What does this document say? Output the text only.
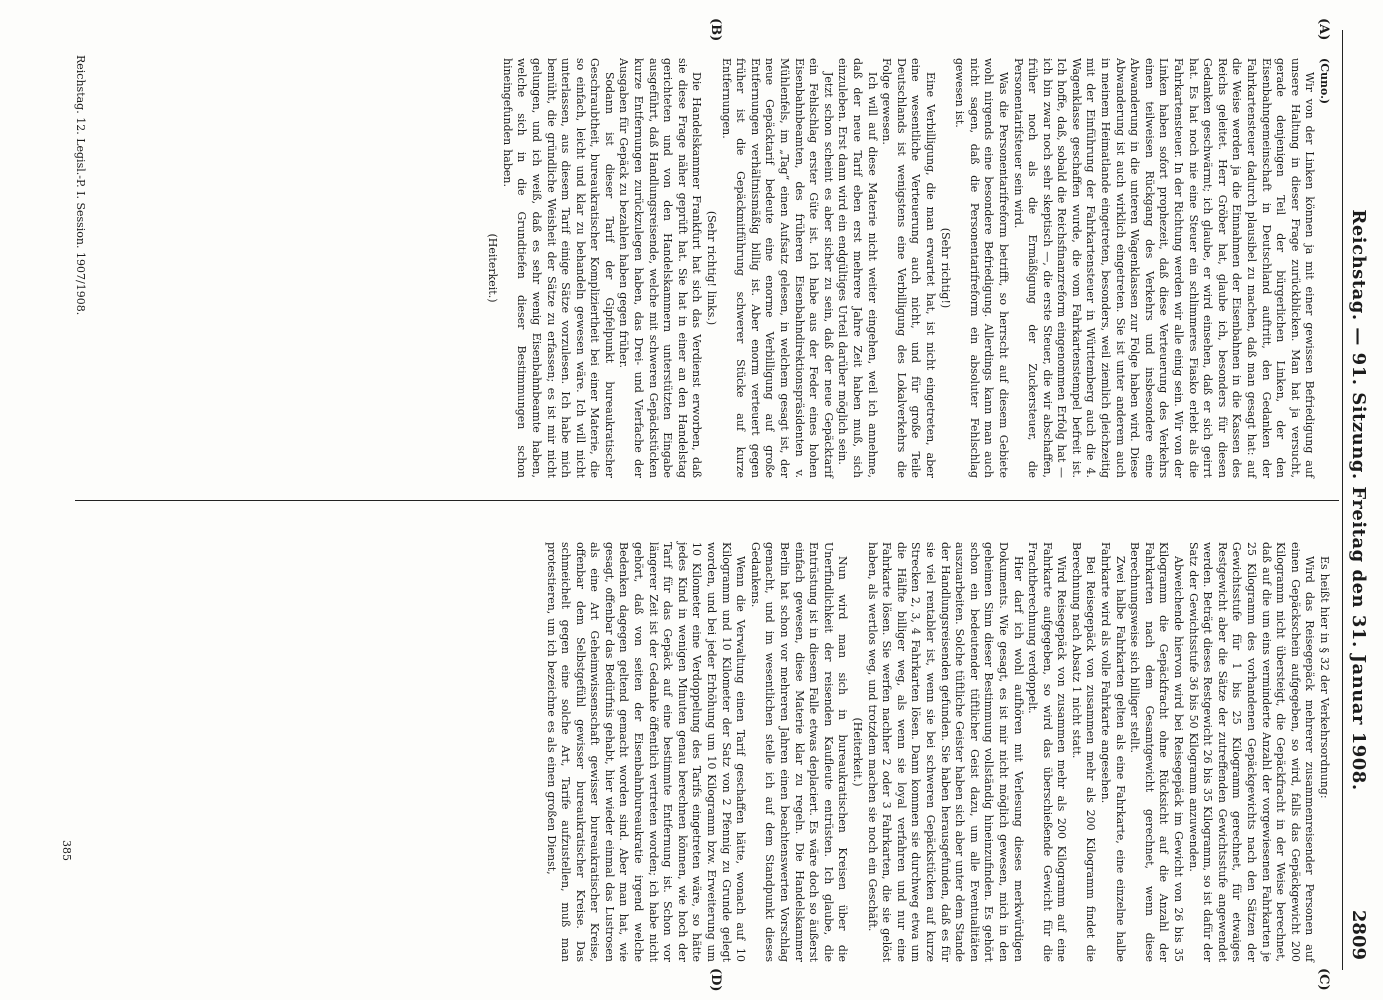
Reichstag. — 91. Sitzung. Freitag den 31. Januar 1908.
2809
(A)
(B)
(C)
(D)

(Cuno.)

Wir von der Linken können ja mit einer gewissen Befriedigung auf unsere Haltung in dieser Frage zurückblicken. Man hat ja versucht, gerade denjenigen Teil der bürgerlichen Linken, der den Eisenbahngemeinschaft in Deutschland auftritt, den Gedanken der Fahrkartensteuer dadurch plausibel zu machen, daß man gesagt hat: auf die Weise werden ja die Einnahmen der Eisenbahnen in die Kassen des Reichs geleitet. Herr Gröber hat, glaube ich, besonders für diesen Gedanken geschwärmt; ich glaube, er wird einsehen, daß er sich geirrt hat. Es hat noch nie eine Steuer ein schlimmeres Fiasko erlebt als die Fahrkartensteuer. In der Richtung werden wir alle einig sein. Wir von der Linken haben sofort prophezeit, daß diese Verteuerung des Verkehrs einen teilweisen Rückgang des Verkehrs und insbesondere eine Abwanderung in die unteren Wagenklassen zur Folge haben wird. Diese Abwanderung ist auch wirklich eingetreten. Sie ist unter anderem auch in meinem Heimatlande eingetreten, besonders, weil ziemlich gleichzeitig mit der Einführung der Fahrkartensteuer in Württemberg auch die 4. Wagenklasse geschaffen wurde, die vom Fahrkartenstempel befreit ist. Ich hoffe, daß, sobald die Reichsfinanzreform eingenommen Erfolg hat — ich bin zwar noch sehr skeptisch —, die erste Steuer, die wir abschaffen, früher noch als die Ermäßigung der Zuckersteuer, die Personentarifsteuer sein wird.

Was die Personentarifreform betrifft, so herrscht auf diesem Gebiete wohl nirgends eine besondere Befriedigung. Allerdings kann man auch nicht sagen, daß die Personentarifreform ein absoluter Fehlschlag gewesen ist.

(Sehr richtig!)

Eine Verbilligung, die man erwartet hat, ist nicht eingetreten, aber eine wesentliche Verteuerung auch nicht, und für große Teile Deutschlands ist wenigstens eine Verbilligung des Lokalverkehrs die Folge gewesen.

Ich will auf diese Materie nicht weiter eingehen, weil ich annehme, daß der neue Tarif eben erst mehrere Jahre Zeit haben muß, sich einzuleben. Erst dann wird ein endgültiges Urteil darüber möglich sein.

Jetzt schon scheint es aber sicher zu sein, daß der neue Gepäcktarif ein Fehlschlag erster Güte ist. Ich habe aus der Feder eines hohen Eisenbahnbeamten, des früheren Eisenbahndirektionspräsidenten v. Mühlenfels, im „Tag“ einen Aufsatz gelesen, in welchem gesagt ist, der neue Gepäcktarif bedeute eine enorme Verbilligung auf große Entfernungen verhältnismäßig billig ist. Aber enorm verteuert gegen früher ist die Gepäckmitführung schwerer Stücke auf kurze Entfernungen.

(Sehr richtig! links.)

Die Handelskammer Frankfurt hat sich das Verdienst erworben, daß sie diese Frage näher geprüft hat. Sie hat in einer an den Handelstag gerichteten und von den Handelskammern unterstützten Eingabe ausgeführt, daß Handlungsreisende, welche mit schweren Gepäckstücken kurze Entfernungen zurückzulegen haben, das Drei- und Vierfache der Ausgaben für Gepäck zu bezahlen haben gegen früher.

Sodann ist dieser Tarif der Gipfelpunkt bureaukratischer Geschraubtheit, bureaukratischer Kompliziertheit bei einer Materie, die so einfach, leicht und klar zu behandeln gewesen wäre. Ich will nicht unterlassen, aus diesem Tarif einige Sätze vorzulesen. Ich habe mich bemüht, die gründliche Weisheit der Sätze zu erfassen; es ist mir nicht gelungen, und ich weiß, daß es sehr wenig Eisenbahnbeamte haben, welche sich in die Grundtiefen dieser Bestimmungen schon hineingefunden haben.

(Heiterkeit.)

Es heißt hier in § 32 der Verkehrsordnung:

Wird das Reisegepäck mehrerer zusammenreisender Personen auf einen Gepäckschein aufgegeben, so wird, falls das Gepäckgewicht 200 Kilogramm nicht übersteigt, die Gepäckfracht in der Weise berechnet, daß auf die um eins verminderte Anzahl der vorgewiesenen Fahrkarten je 25 Kilogramm des vorhandenen Gepäckgewichts nach den Sätzen der Gewichtsstufe für 1 bis 25 Kilogramm gerechnet, für etwaiges Restgewicht aber die Sätze der zutreffenden Gewichtsstufe angewendet werden. Beträgt dieses Restgewicht 26 bis 35 Kilogramm, so ist dafür der Satz der Gewichtsstufe 36 bis 50 Kilogramm anzuwenden.

Abweichende hiervon wird bei Reisegepäck im Gewicht von 26 bis 35 Kilogramm die Gepäckfracht ohne Rücksicht auf die Anzahl der Fahrkarten nach dem Gesamtgewicht gerechnet, wenn diese Berechnungsweise sich billiger stellt.

Zwei halbe Fahrkarten gelten als eine Fahrkarte, eine einzelne halbe Fahrkarte wird als volle Fahrkarte angesehen.

Bei Reisegepäck von zusammen mehr als 200 Kilogramm findet die Berechnung nach Absatz 1 nicht statt.

Wird Reisegepäck von zusammen mehr als 200 Kilogramm auf eine Fahrkarte aufgegeben, so wird das überschießende Gewicht für die Frachtberechnung verdoppelt.

Hier darf ich wohl aufhören mit Verlesung dieses merkwürdigen Dokuments. Wie gesagt, es ist mir nicht möglich gewesen, mich in den geheimen Sinn dieser Bestimmung vollständig hineinzufinden. Es gehört schon ein bedeutender tüftlicher Geist dazu, um alle Eventualitäten auszuarbeiten. Solche tüftliche Geister haben sich aber unter dem Stande der Handlungsreisenden gefunden. Sie haben herausgefunden, daß es für sie viel rentabler ist, wenn sie bei schweren Gepäckstücken auf kurze Strecken 2, 3, 4 Fahrkarten lösen. Dann kommen sie durchweg etwa um die Hälfte billiger weg, als wenn sie loyal verfahren und nur eine Fahrkarte lösen. Sie werfen nachher 2 oder 3 Fahrkarten, die sie gelöst haben, als wertlos weg, und trotzdem machen sie noch ein Geschäft.

(Heiterkeit.)

Nun wird man sich in bureaukratischen Kreisen über die Unerfindlichkeit der reisenden Kaufleute entrüsten. Ich glaube, die Entrüstung ist in diesem Falle etwas deplaciert. Es wäre doch so äußerst einfach gewesen, diese Materie klar zu regeln. Die Handelskammer Berlin hat schon vor mehreren Jahren einen beachtenswerten Vorschlag gemacht, und im wesentlichen stelle ich auf dem Standpunkt dieses Gedankens.

Wenn die Verwaltung einen Tarif geschaffen hätte, wonach auf 10 Kilogramm und 10 Kilometer der Satz von 2 Pfennig zu Grunde gelegt worden, und bei jeder Erhöhung um 10 Kilogramm bzw. Erweiterung um 10 Kilometer eine Verdoppelung des Tarifs eingetreten wäre, so hätte jedes Kind in wenigen Minuten genau berechnen können, wie hoch der Tarif für das Gepäck auf eine bestimmte Entfernung ist. Schon vor längerer Zeit ist der Gedanke öffentlich vertreten worden; ich habe nicht gehört, daß von seiten der Eisenbahnbureaukratie irgend welche Bedenken dagegen geltend gemacht worden sind. Aber man hat, wie gesagt, offenbar das Bedürfnis gehabt, hier wieder einmal das Lustrosen als eine Art Geheimwissenschaft gewisser bureaukratischer Kreise, offenbar dem Selbstgefühl gewisser bureaukratischer Kreise. Das schmeichelt gegen eine solche Art, Tarife aufzustellen, muß man protestieren, um ich bezeichne es als einen großen Dienst,

Reichstag. 12. Legisl.-P. I. Session. 1907/1908.
385
